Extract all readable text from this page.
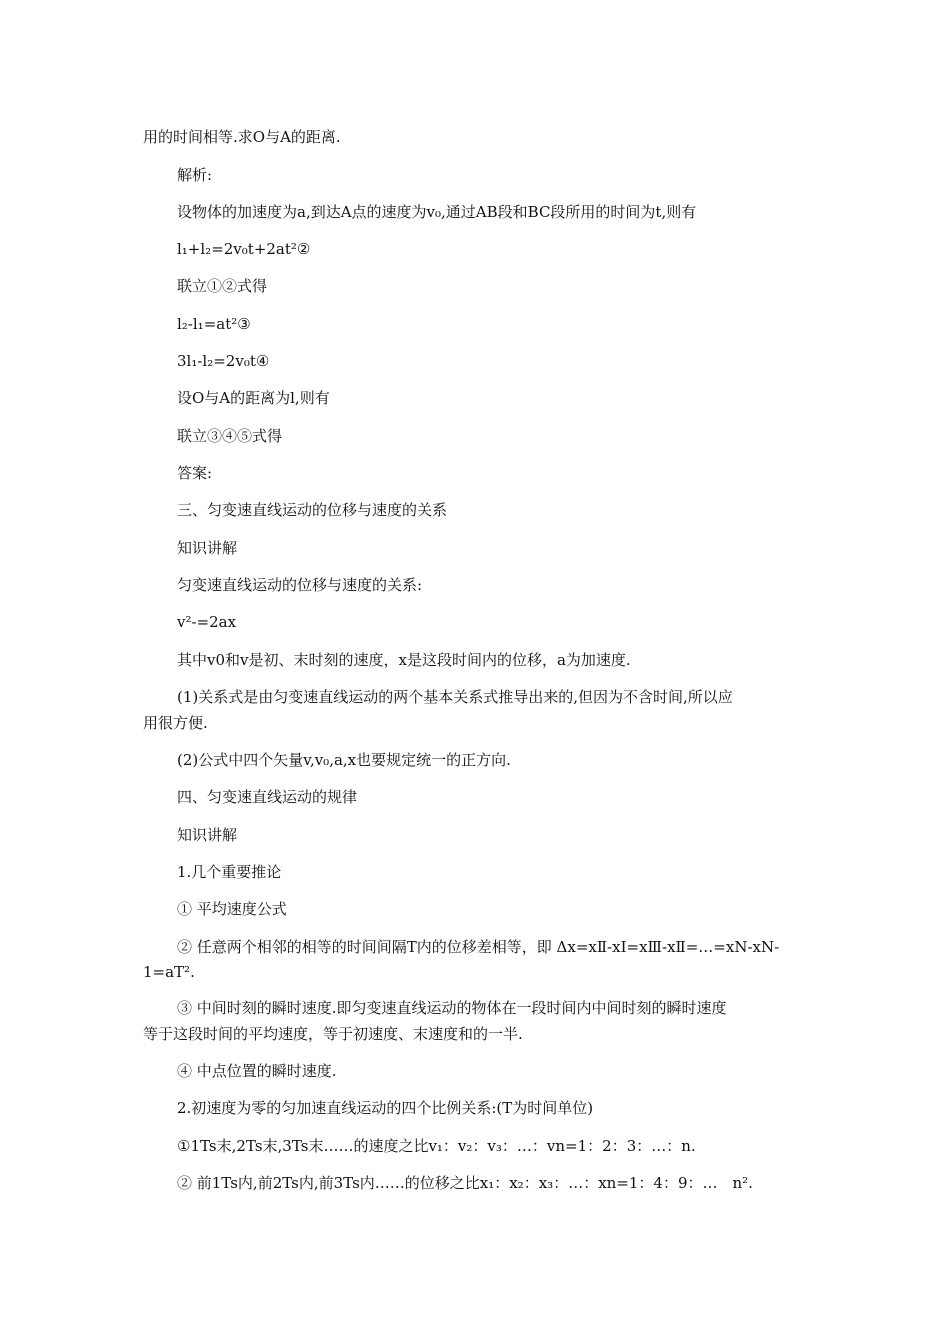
用的时间相等.求O与A的距离.
解析:
设物体的加速度为a,到达A点的速度为v₀,通过AB段和BC段所用的时间为t,则有
l₁+l₂=2v₀t+2at²②
联立①②式得
l₂-l₁=at²③
3l₁-l₂=2v₀t④
设O与A的距离为l,则有
联立③④⑤式得
答案:
三、匀变速直线运动的位移与速度的关系
知识讲解
匀变速直线运动的位移与速度的关系:
v²-=2ax
其中v0和v是初、末时刻的速度，x是这段时间内的位移，a为加速度.
(1)关系式是由匀变速直线运动的两个基本关系式推导出来的,但因为不含时间,所以应
用很方便.
(2)公式中四个矢量v,v₀,a,x也要规定统一的正方向.
四、匀变速直线运动的规律
知识讲解
1.几个重要推论
① 平均速度公式
② 任意两个相邻的相等的时间间隔T内的位移差相等，即 Δx=xⅡ-xⅠ=xⅢ-xⅡ=…=xN-xN-
1=aT².
③ 中间时刻的瞬时速度.即匀变速直线运动的物体在一段时间内中间时刻的瞬时速度
等于这段时间的平均速度，等于初速度、末速度和的一半.
④ 中点位置的瞬时速度.
2.初速度为零的匀加速直线运动的四个比例关系:(T为时间单位)
①1Ts末,2Ts末,3Ts末……的速度之比v₁：v₂：v₃：…：vn=1：2：3：…：n.
② 前1Ts内,前2Ts内,前3Ts内……的位移之比x₁：x₂：x₃：…：xn=1：4：9：…　n².
